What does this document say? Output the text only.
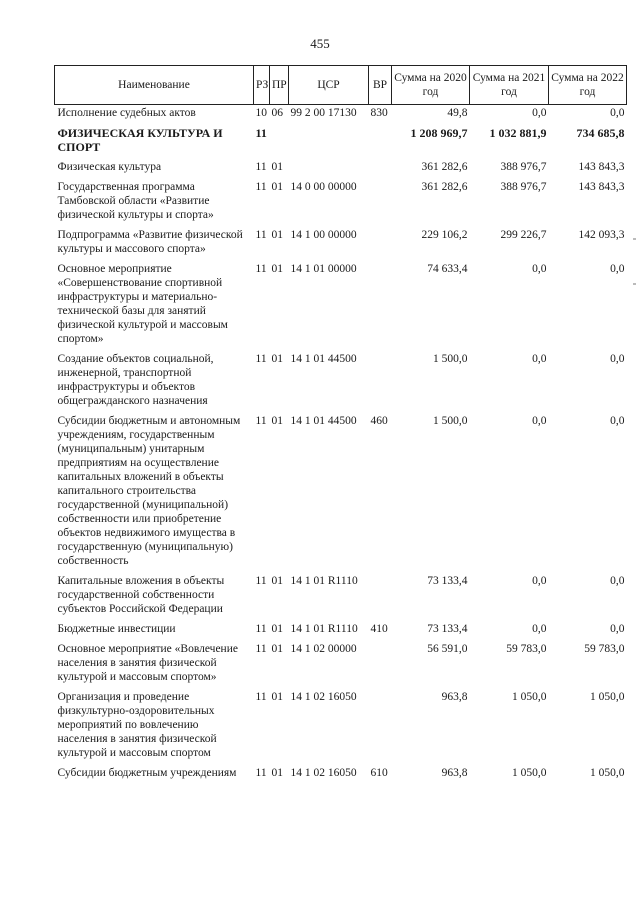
455
Наименование	РЗ	ПР	ЦСР	ВР	Сумма на 2020 год	Сумма на 2021 год	Сумма на 2022 год
Исполнение судебных актов	10	06	99 2 00 17130	830	49,8	0,0	0,0
ФИЗИЧЕСКАЯ КУЛЬТУРА И СПОРТ	11				1 208 969,7	1 032 881,9	734 685,8
Физическая культура	11	01			361 282,6	388 976,7	143 843,3
Государственная программа Тамбовской области «Развитие физической культуры и спорта»	11	01	14 0 00 00000		361 282,6	388 976,7	143 843,3
Подпрограмма «Развитие физической культуры и массового спорта»	11	01	14 1 00 00000		229 106,2	299 226,7	142 093,3
Основное мероприятие «Совершенствование спортивной инфраструктуры и материально-технической базы для занятий физической культурой и массовым спортом»	11	01	14 1 01 00000		74 633,4	0,0	0,0
Создание объектов социальной, инженерной, транспортной инфраструктуры и объектов общегражданского назначения	11	01	14 1 01 44500		1 500,0	0,0	0,0
Субсидии бюджетным и автономным учреждениям, государственным (муниципальным) унитарным предприятиям на осуществление капитальных вложений в объекты капитального строительства государственной (муниципальной) собственности или приобретение объектов недвижимого имущества в государственную (муниципальную) собственность	11	01	14 1 01 44500	460	1 500,0	0,0	0,0
Капитальные вложения в объекты государственной собственности субъектов Российской Федерации	11	01	14 1 01 R1110		73 133,4	0,0	0,0
Бюджетные инвестиции	11	01	14 1 01 R1110	410	73 133,4	0,0	0,0
Основное мероприятие «Вовлечение населения в занятия физической культурой и массовым спортом»	11	01	14 1 02 00000		56 591,0	59 783,0	59 783,0
Организация и проведение физкультурно-оздоровительных мероприятий по вовлечению населения в занятия физической культурой и массовым спортом	11	01	14 1 02 16050		963,8	1 050,0	1 050,0
Субсидии бюджетным учреждениям	11	01	14 1 02 16050	610	963,8	1 050,0	1 050,0
